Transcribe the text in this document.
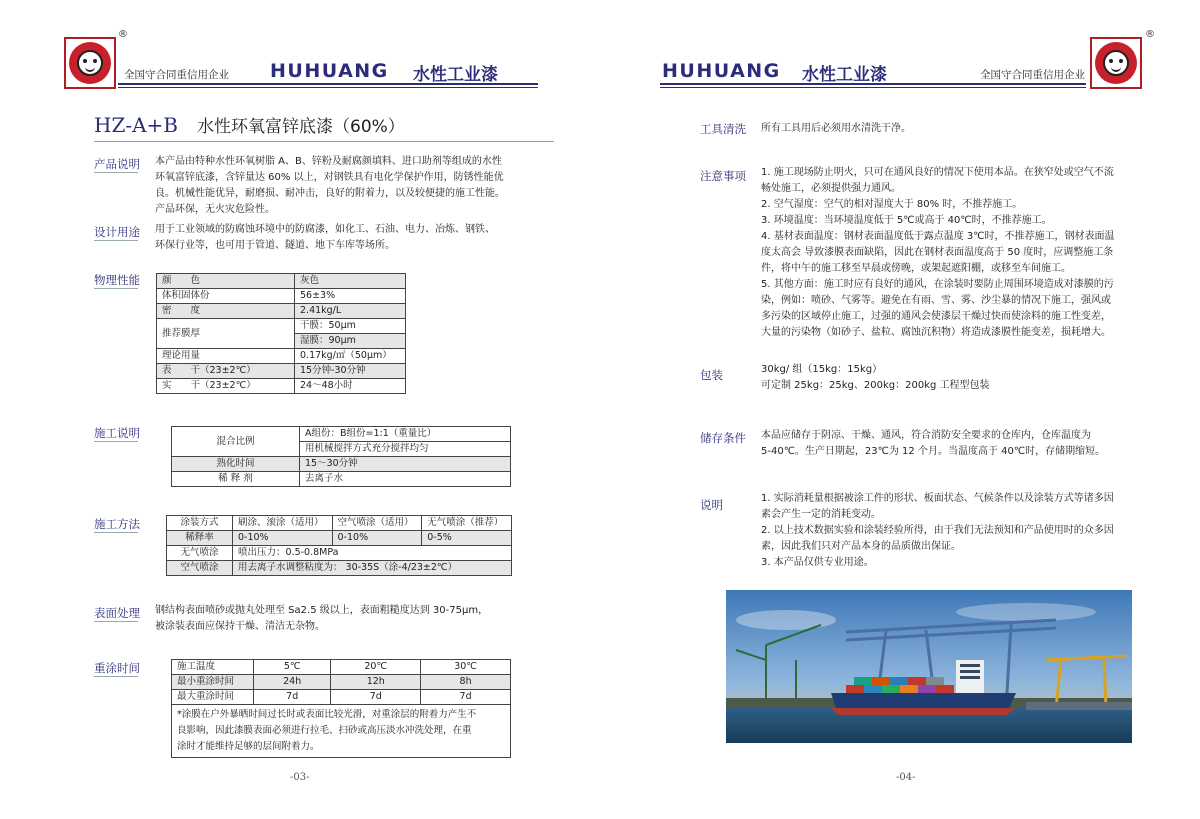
®
全国守合同重信用企业 HUHUANG 水性工业漆
HZ-A+B 水性环氧富锌底漆（60%）
产品说明 本产品由特种水性环氧树脂 A、B、锌粉及耐腐颜填料、进口助剂等组成的水性
环氧富锌底漆，含锌量达 60% 以上，对钢铁具有电化学保护作用，防锈性能优
良。机械性能优异，耐磨损、耐冲击，良好的附着力，以及较便捷的施工性能。
产品环保，无火灾危险性。
设计用途 用于工业领域的防腐蚀环境中的防腐漆，如化工、石油、电力、冶炼、钢铁、
环保行业等，也可用于管道、隧道、地下车库等场所。
物理性能 颜　　色	灰色
体积固体份	56±3%
密　　度	2.41kg/L
推荐膜厚	干膜：50μm
	湿膜：90μm
理论用量	0.17kg/㎡（50μm）
表　　干（23±2℃）	15分钟-30分钟
实　　干（23±2℃）	24～48小时
施工说明
混合比例	A组份：B组份=1:1（重量比）
	用机械搅拌方式充分搅拌均匀
熟化时间	15～30分钟
稀 释 剂	去离子水
施工方法	涂装方式	刷涂、滚涂（适用）	空气喷涂（适用）	无气喷涂（推荐）
稀释率	0-10%	0-10%	0-5%
无气喷涂	喷出压力：0.5-0.8MPa		
空气喷涂	用去离子水调整粘度为： 30-35S（涂-4/23±2℃）		
表面处理 钢结构表面喷砂或抛丸处理至 Sa2.5 级以上，表面粗糙度达到 30-75μm，
被涂装表面应保持干燥、清洁无杂物。
重涂时间	施工温度	5℃	20℃	30℃
最小重涂时间	24h	12h	8h
最大重涂时间	7d	7d	7d

*涂膜在户外暴晒时间过长时或表面比较光滑，对重涂层的附着力产生不
良影响，因此漆膜表面必须进行拉毛、扫砂或高压淡水冲洗处理，在重
涂时才能维持足够的层间附着力。			
-03-
HUHUANG 水性工业漆	全国守合同重信用企业
®
-04-
工具清洗 所有工具用后必须用水清洗干净。
注意事项 1. 施工现场防止明火，只可在通风良好的情况下使用本品。在狭窄处或空气不流

畅处施工，必须提供强力通风。

2. 空气湿度：空气的相对湿度大于 80% 时，不推荐施工。

3. 环境温度：当环境温度低于 5℃或高于 40℃时，不推荐施工。

4. 基材表面温度：钢材表面温度低于露点温度 3℃时，不推荐施工，钢材表面温

度太高会 导致漆膜表面缺陷，因此在钢材表面温度高于 50 度时，应调整施工条

件，将中午的施工移至早晨或傍晚，或架起遮阳棚，或移至车间施工。

5. 其他方面：施工时应有良好的通风，在涂装时要防止周围环境造成对漆膜的污

染，例如：喷砂、气雾等。避免在有雨、雪、雾、沙尘暴的情况下施工，强风或

多污染的区域停止施工，过强的通风会使漆层干燥过快而使涂料的施工性变差，

大量的污染物（如砂子、盐粒、腐蚀沉积物）将造成漆膜性能变差，损耗增大。

包装	30kg/ 组（15kg：15kg）

可定制 25kg：25kg、200kg：200kg 工程型包装

储存条件 本品应储存于阴凉、干燥、通风，符合消防安全要求的仓库内，仓库温度为

5-40℃。生产日期起，23℃为 12 个月。当温度高于 40℃时，存储期缩短。

说明	1. 实际消耗量根据被涂工件的形状、板面状态、气候条件以及涂装方式等诸多因

素会产生一定的消耗变动。

2. 以上技术数据实验和涂装经验所得，由于我们无法预知和产品使用时的众多因

素，因此我们只对产品本身的品质做出保证。

3. 本产品仅供专业用途。
